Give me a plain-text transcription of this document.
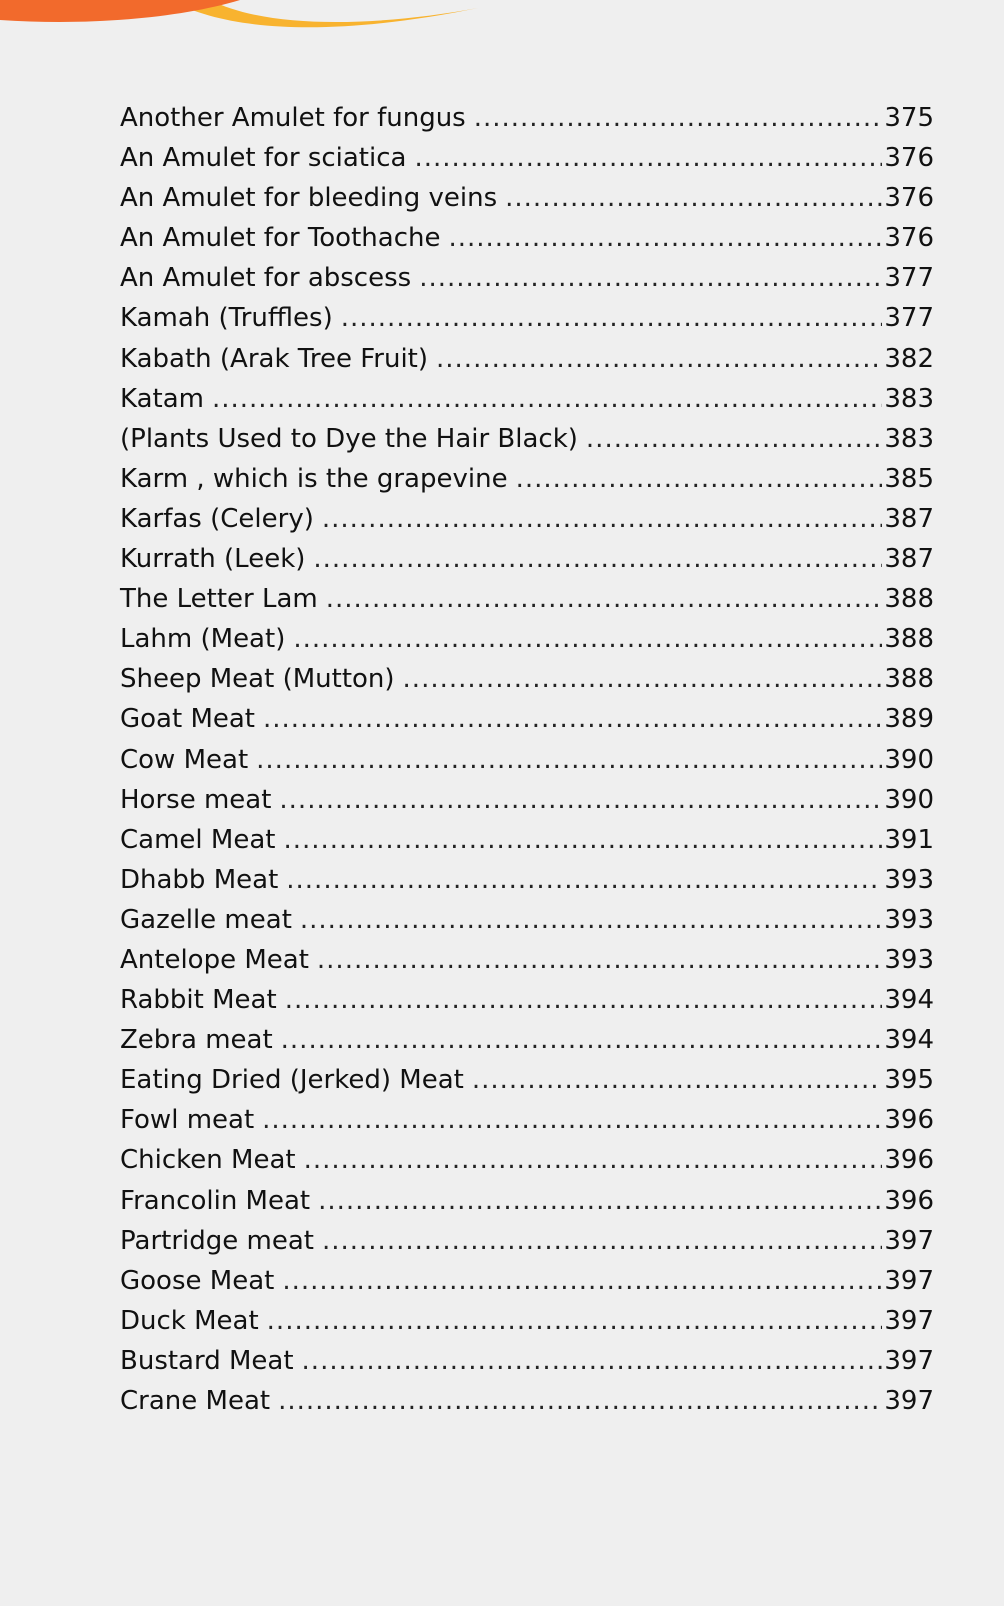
Another Amulet for fungus .....	375
An Amulet for sciatica .....	376
An Amulet for bleeding veins .....	376
An Amulet for Toothache .....	376
An Amulet for abscess .....	377
Kamah (Truffles) .....	377
Kabath (Arak Tree Fruit) .....	382
Katam .....	383
(Plants Used to Dye the Hair Black) .....	383
Karm , which is the grapevine .....	385
Karfas (Celery) .....	387
Kurrath (Leek) .....	387
The Letter Lam .....	388
Lahm (Meat) .....	388
Sheep Meat (Mutton) .....	388
Goat Meat .....	389
Cow Meat .....	390
Horse meat .....	390
Camel Meat .....	391
Dhabb Meat .....	393
Gazelle meat .....	393
Antelope Meat .....	393
Rabbit Meat .....	394
Zebra meat .....	394
Eating Dried (Jerked) Meat .....	395
Fowl meat .....	396
Chicken Meat .....	396
Francolin Meat .....	396
Partridge meat .....	397
Goose Meat .....	397
Duck Meat .....	397
Bustard Meat .....	397
Crane Meat .....	397
